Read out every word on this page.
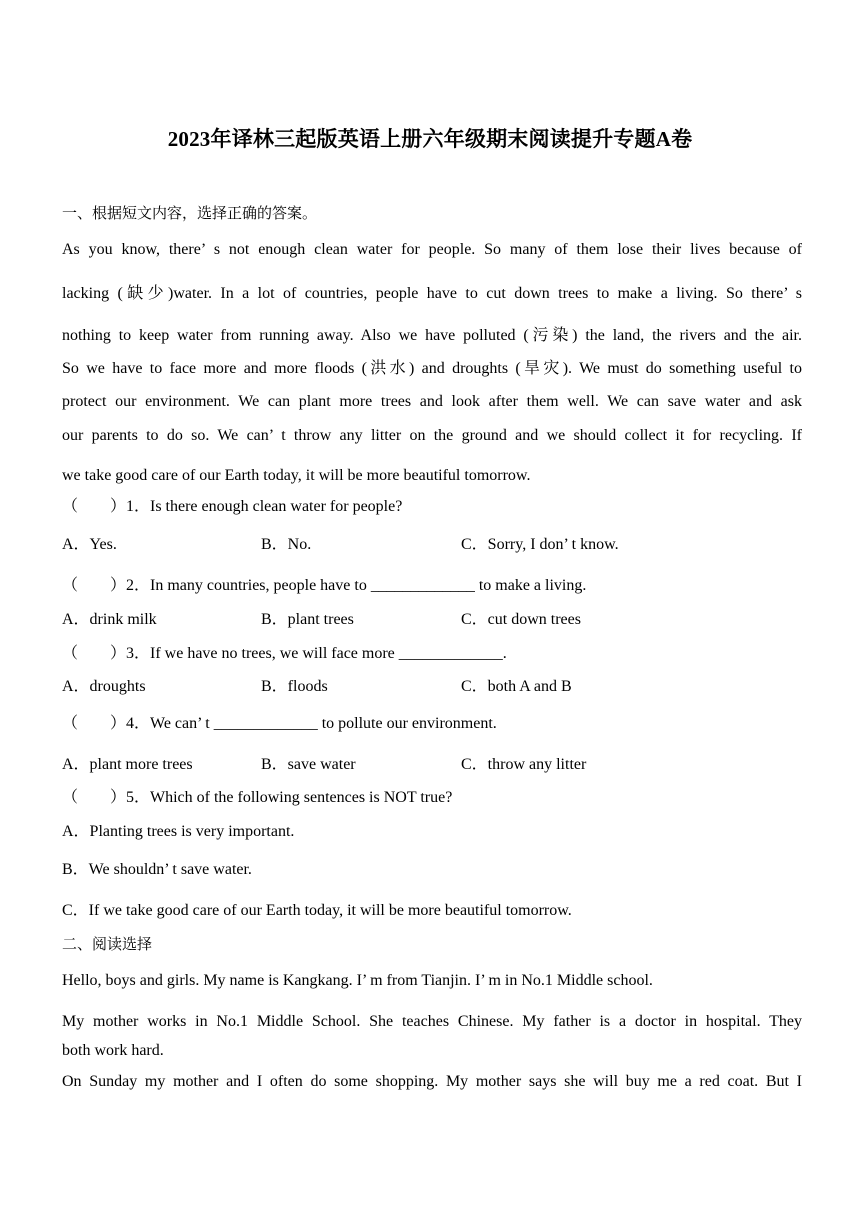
2023年译林三起版英语上册六年级期末阅读提升专题A卷
一、根据短文内容，选择正确的答案。
As you know, there’ s not enough clean water for people. So many of them lose their lives because of
lacking (缺少)water. In a lot of countries, people have to cut down trees to make a living. So there’ s
nothing to keep water from running away. Also we have polluted (污染) the land, the rivers and the air.
So we have to face more and more floods (洪水) and droughts (旱灾). We must do something useful to
protect our environment. We can plant more trees and look after them well. We can save water and ask
our parents to do so. We can’ t throw any litter on the ground and we should collect it for recycling. If
we take good care of our Earth today, it will be more beautiful tomorrow.
（　　）1．Is there enough clean water for people?
A．Yes.	B．No.	C．Sorry, I don’ t know.
（　　）2．In many countries, people have to _____________ to make a living.
A．drink milk	B．plant trees	C．cut down trees
（　　）3．If we have no trees, we will face more _____________.
A．droughts	B．floods	C．both A and B
（　　）4．We can’ t _____________ to pollute our environment.
A．plant more trees	B．save water	C．throw any litter
（　　）5．Which of the following sentences is NOT true?
A．Planting trees is very important.
B．We shouldn’ t save water.
C．If we take good care of our Earth today, it will be more beautiful tomorrow.
二、阅读选择
Hello, boys and girls. My name is Kangkang. I’ m from Tianjin. I’ m in No.1 Middle school.
My mother works in No.1 Middle School. She teaches Chinese. My father is a doctor in hospital. They
both work hard.
On Sunday my mother and I often do some shopping. My mother says she will buy me a red coat. But I
